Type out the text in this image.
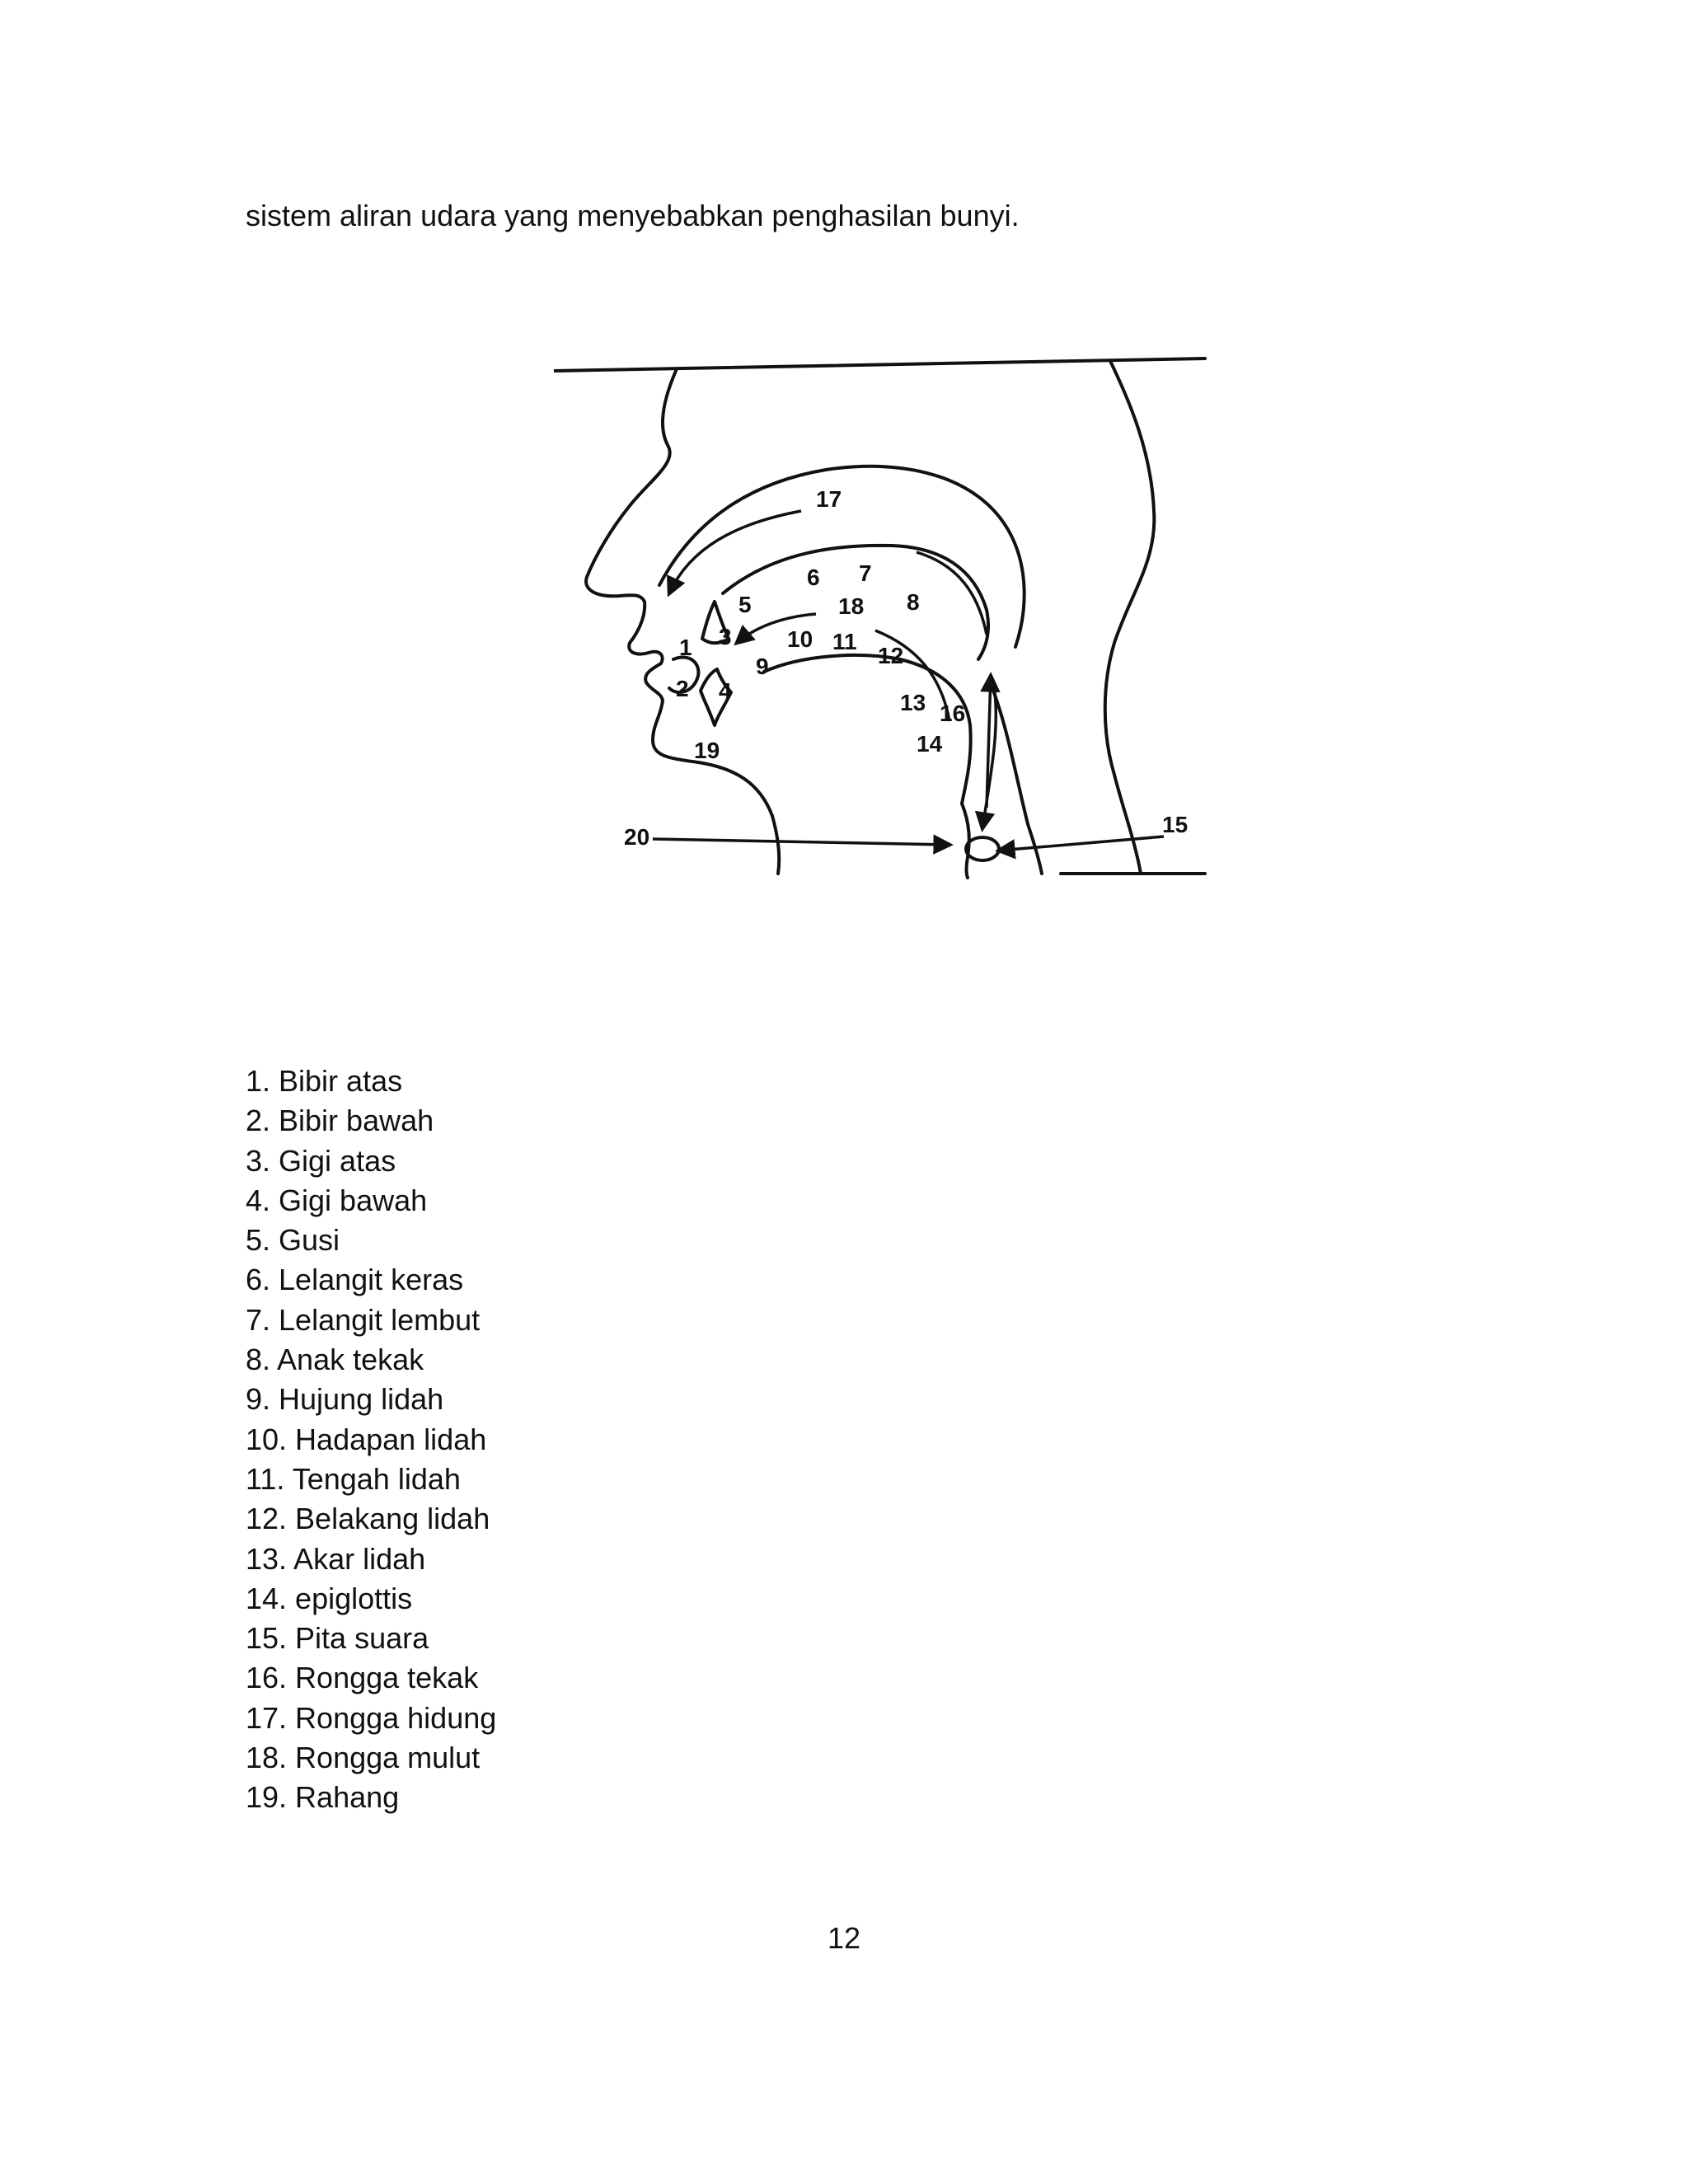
sistem aliran udara yang menyebabkan penghasilan bunyi.
1
2
3
4
5
6 7
8
9
10 11
12
13
14
15
16
17
18
19
20
1. Bibir atas
2. Bibir bawah
3. Gigi atas
4. Gigi bawah
5. Gusi
6. Lelangit keras
7. Lelangit lembut
8. Anak tekak
9. Hujung lidah
10. Hadapan lidah
11. Tengah lidah
12. Belakang lidah
13. Akar lidah
14. epiglottis
15. Pita suara
16. Rongga tekak
17. Rongga hidung
18. Rongga mulut
19. Rahang
12
